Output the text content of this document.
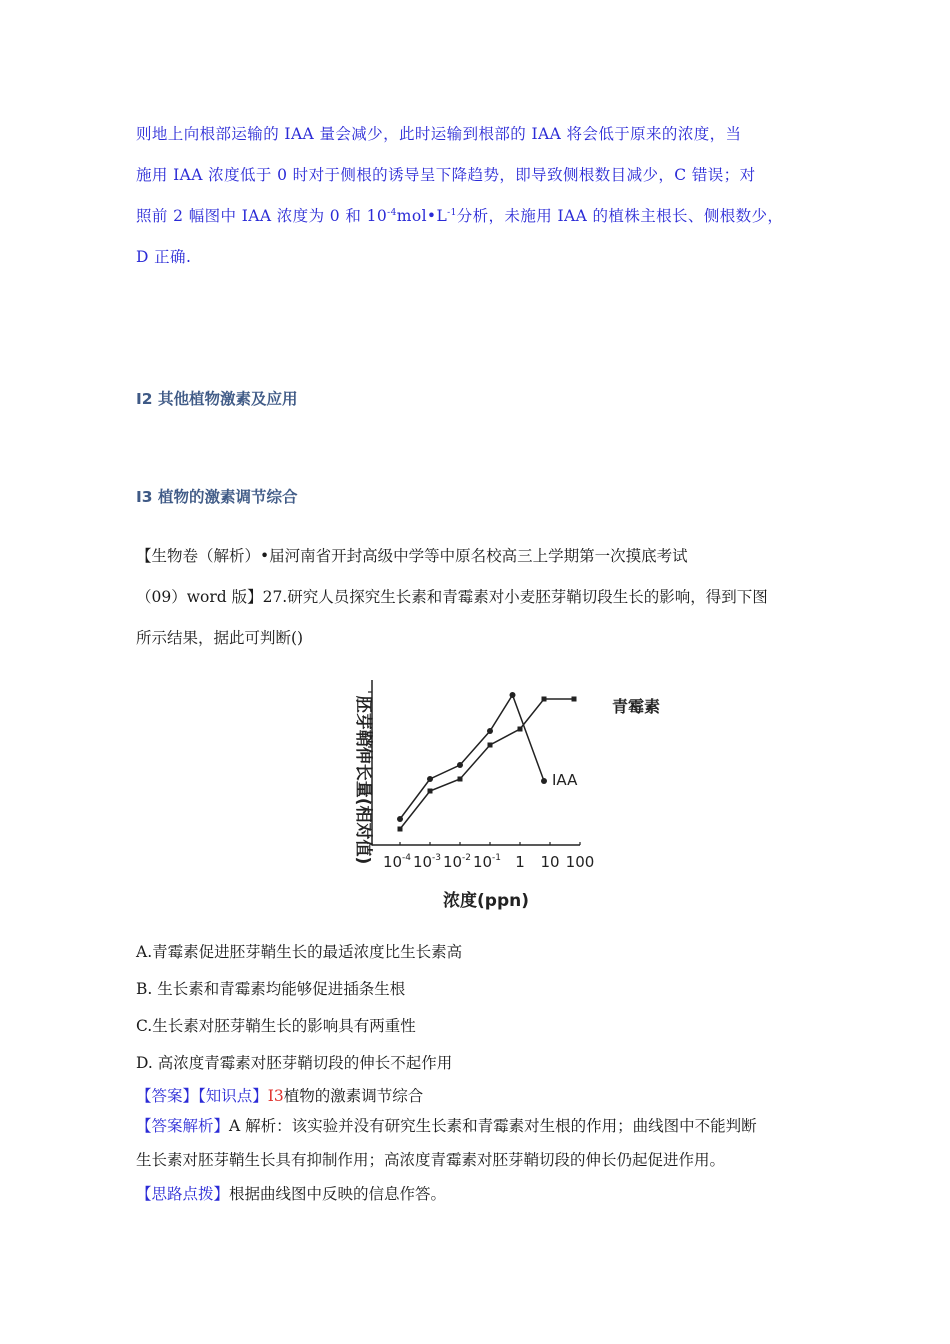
则地上向根部运输的 IAA 量会减少，此时运输到根部的 IAA 将会低于原来的浓度，当

施用 IAA 浓度低于 0 时对于侧根的诱导呈下降趋势，即导致侧根数目减少，C 错误；对

照前 2 幅图中 IAA 浓度为 0 和 $10^{-4}mol•L^{-1}$分析，未施用 IAA 的植株主根长、侧根数少，

D 正确.

I2 其他植物激素及应用
I3 植物的激素调节综合

【生物卷（解析）•届河南省开封高级中学等中原名校高三上学期第一次摸底考试

（09）word 版】27.研究人员探究生长素和青霉素对小麦胚芽鞘切段生长的影响，得到下图

所示结果，据此可判断()

胚芽鞘伸长量(相对值) $10^{-4}$ $10^{-3}$ $10^{-2}$ $10^{-1}$ 1 10 100
青霉素
IAA
浓度(ppn)
A.青霉素促进胚芽鞘生长的最适浓度比生长素高
B. 生长素和青霉素均能够促进插条生根
C.生长素对胚芽鞘生长的影响具有两重性
D. 高浓度青霉素对胚芽鞘切段的伸长不起作用
【答案】【知识点】I3植物的激素调节综合
【答案解析】A 解析：该实验并没有研究生长素和青霉素对生根的作用；曲线图中不能判断
生长素对胚芽鞘生长具有抑制作用；高浓度青霉素对胚芽鞘切段的伸长仍起促进作用。
【思路点拨】根据曲线图中反映的信息作答。
